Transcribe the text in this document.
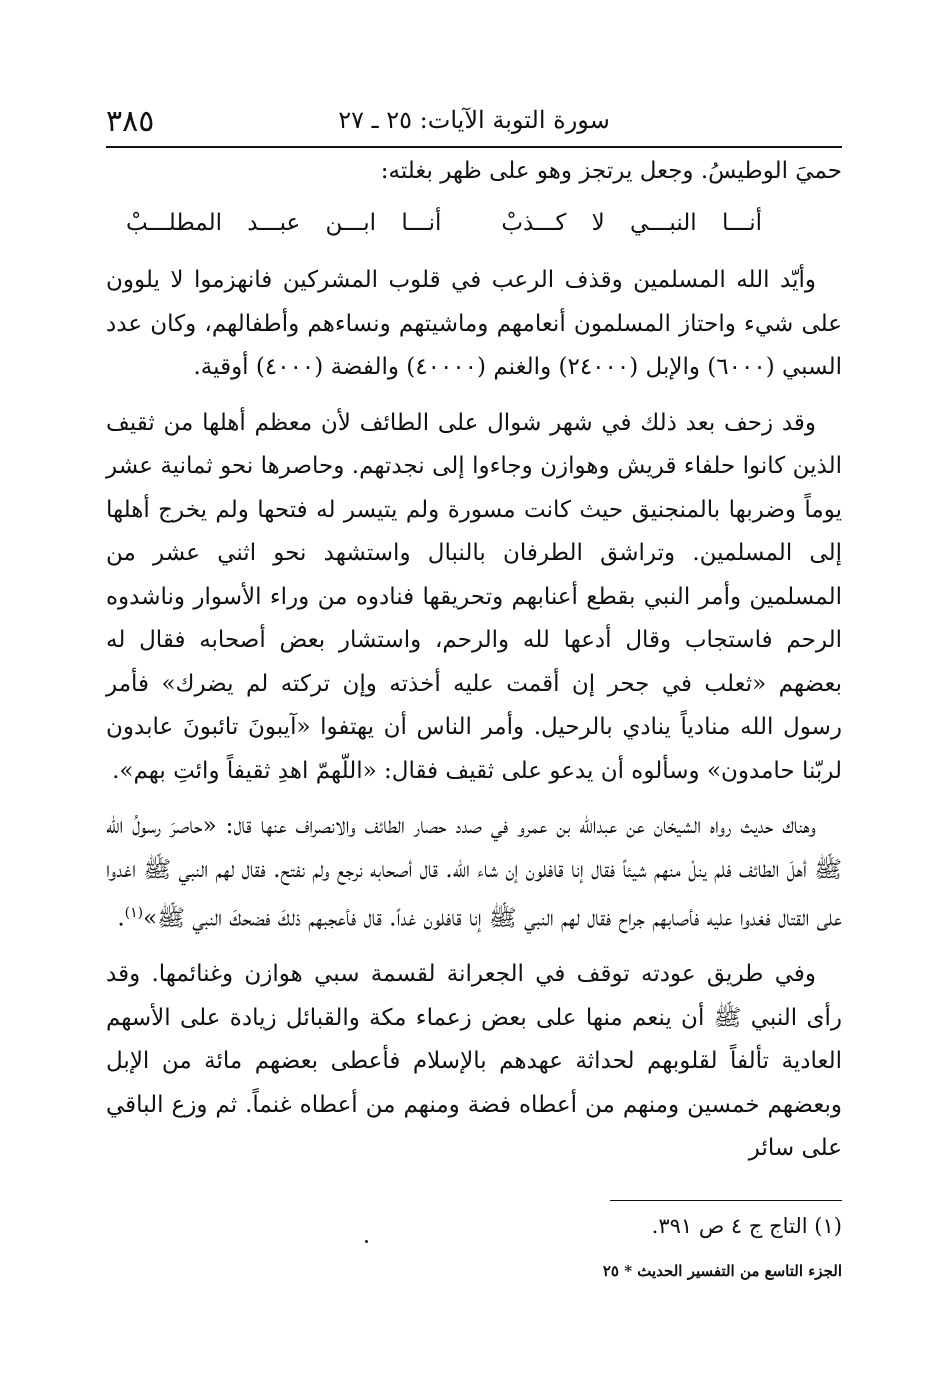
٣٨٥	سورة التوبة الآيات: ٢٥ ـ ٢٧

حميَ الوطيسُ. وجعل يرتجز وهو على ظهر بغلته:

أنـــا النبـــي لا كـــذبْ
أنـــا ابـــن عبـــد المطلـــبْ

وأيّد الله المسلمين وقذف الرعب في قلوب المشركين فانهزموا لا يلوون على شيء واحتاز المسلمون أنعامهم وماشيتهم ونساءهم وأطفالهم، وكان عدد السبي (٦٠٠٠) والإبل (٢٤٠٠٠) والغنم (٤٠٠٠٠) والفضة (٤٠٠٠) أوقية.

وقد زحف بعد ذلك في شهر شوال على الطائف لأن معظم أهلها من ثقيف الذين كانوا حلفاء قريش وهوازن وجاءوا إلى نجدتهم. وحاصرها نحو ثمانية عشر يوماً وضربها بالمنجنيق حيث كانت مسورة ولم يتيسر له فتحها ولم يخرج أهلها إلى المسلمين. وتراشق الطرفان بالنبال واستشهد نحو اثني عشر من المسلمين وأمر النبي بقطع أعنابهم وتحريقها فنادوه من وراء الأسوار وناشدوه الرحم فاستجاب وقال أدعها لله والرحم، واستشار بعض أصحابه فقال له بعضهم «ثعلب في جحر إن أقمت عليه أخذته وإن تركته لم يضرك» فأمر رسول الله منادياً ينادي بالرحيل. وأمر الناس أن يهتفوا «آيبونَ تائبونَ عابدون لربّنا حامدون» وسألوه أن يدعو على ثقيف فقال: «اللّهمّ اهدِ ثقيفاً وائتِ بهم».

وهناك حديث رواه الشيخان عن عبدالله بن عمرو في صدد حصار الطائف والانصراف عنها قال: «حاصرَ رسولُ الله ﷺ أهلَ الطائف فلم ينلْ منهم شيئاً فقال إنا قافلون إن شاء الله. قال أصحابه نرجع ولم نفتح. فقال لهم النبي ﷺ اغدوا على القتال فغدوا عليه فأصابهم جراح فقال لهم النبي ﷺ إنا قافلون غداً. قال فأعجبهم ذلكَ فضحكَ النبي ﷺ»$^{(١)}$.

وفي طريق عودته توقف في الجعرانة لقسمة سبي هوازن وغنائمها. وقد رأى النبي ﷺ أن ينعم منها على بعض زعماء مكة والقبائل زيادة على الأسهم العادية تألفاً لقلوبهم لحداثة عهدهم بالإسلام فأعطى بعضهم مائة من الإبل وبعضهم خمسين ومنهم من أعطاه فضة ومنهم من أعطاه غنماً. ثم وزع الباقي على سائر

(١) التاج ج ٤ ص ٣٩١.
الجزء التاسع من التفسير الحديث * ٢٥
